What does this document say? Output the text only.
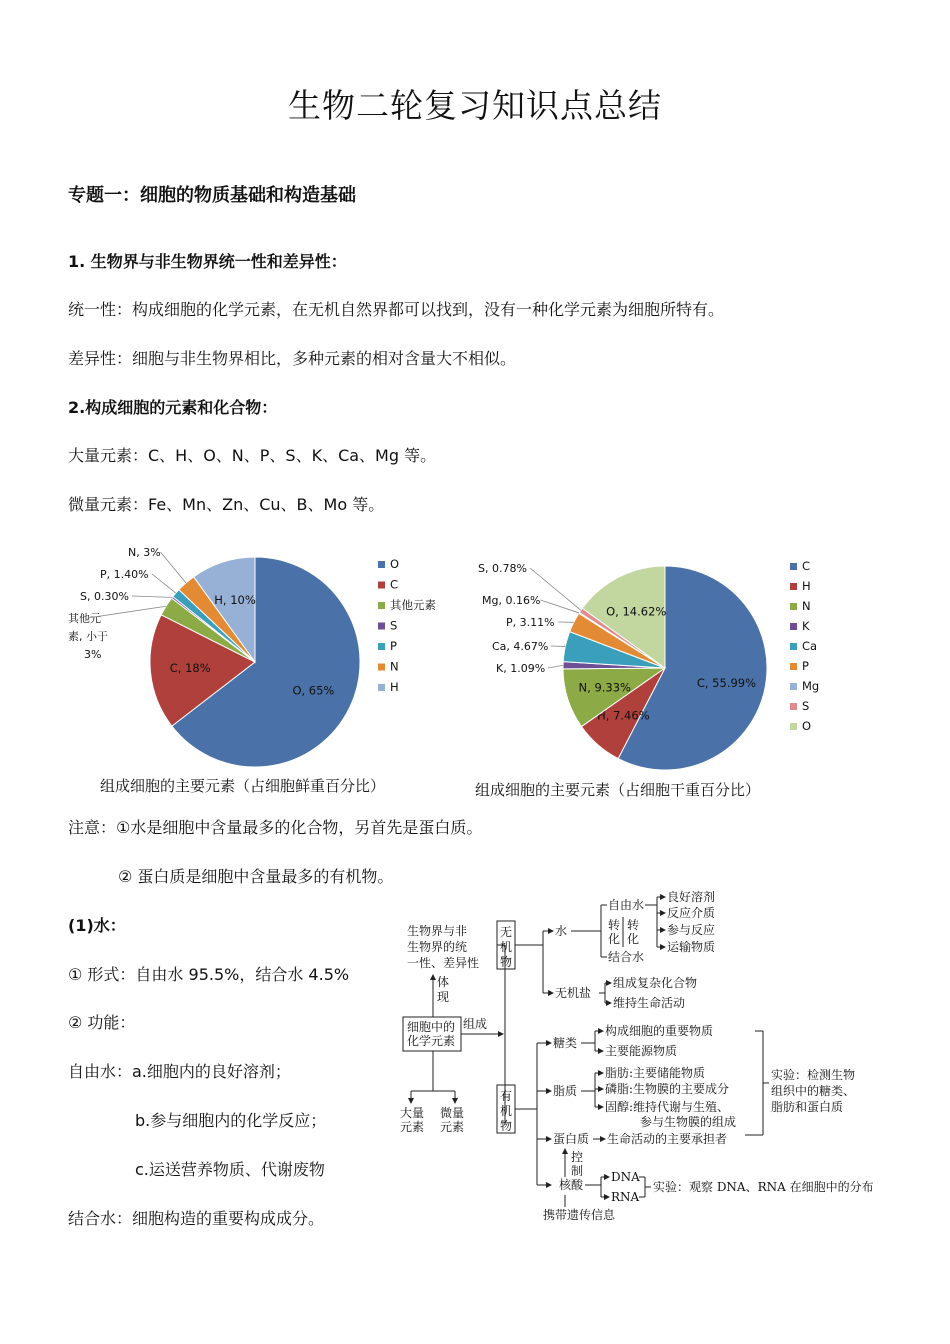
生物二轮复习知识点总结
专题一：细胞的物质基础和构造基础
1. 生物界与非生物界统一性和差异性：
统一性：构成细胞的化学元素，在无机自然界都可以找到，没有一种化学元素为细胞所特有。
差异性：细胞与非生物界相比，多种元素的相对含量大不相似。
2.构成细胞的元素和化合物：
大量元素：C、H、O、N、P、S、K、Ca、Mg 等。
微量元素：Fe、Mn、Zn、Cu、B、Mo 等。
O, 65%
C, 18%
其他元
素, 小于
3%
S, 0.30%
P, 1.40%
N, 3%
H, 10%
O
C
其他元素
S
P
N
H	C, 55.99%
H, 7.46%
N, 9.33%
K, 1.09%
Ca, 4.67%
P, 3.11%
Mg, 0.16%
S, 0.78%
O, 14.62%
C
H
N
K
Ca
P
Mg
S
O
组成细胞的主要元素（占细胞鲜重百分比）	组成细胞的主要元素（占细胞干重百分比）
注意：①水是细胞中含量最多的化合物，另首先是蛋白质。
② 蛋白质是细胞中含量最多的有机物。
(1)水：
① 形式：自由水 95.5%，结合水 4.5%
② 功能：
自由水：a.细胞内的良好溶剂；
b.参与细胞内的化学反应；
c.运送营养物质、代谢废物
结合水：细胞构造的重要构成成分。
生物界与非
生物界的统
一性、差异性
体
现
细胞中的
化学元素
组成
大量
元素
微量
元素
无
机
物
有
机
物
水
无机盐
自由水
结合水
转
化
转
化
良好溶剂
反应介质
参与反应
运输物质
组成复杂化合物
维持生命活动
糖类
脂质
蛋白质
核酸
构成细胞的重要物质
主要能源物质
脂肪:主要储能物质
磷脂:生物膜的主要成分
固醇:维持代谢与生殖、
参与生物膜的组成
实验：检测生物
组织中的糖类、
脂肪和蛋白质
生命活动的主要承担者
控
制 DNA
RNA
实验：观察 DNA、RNA 在细胞中的分布
携带遗传信息
